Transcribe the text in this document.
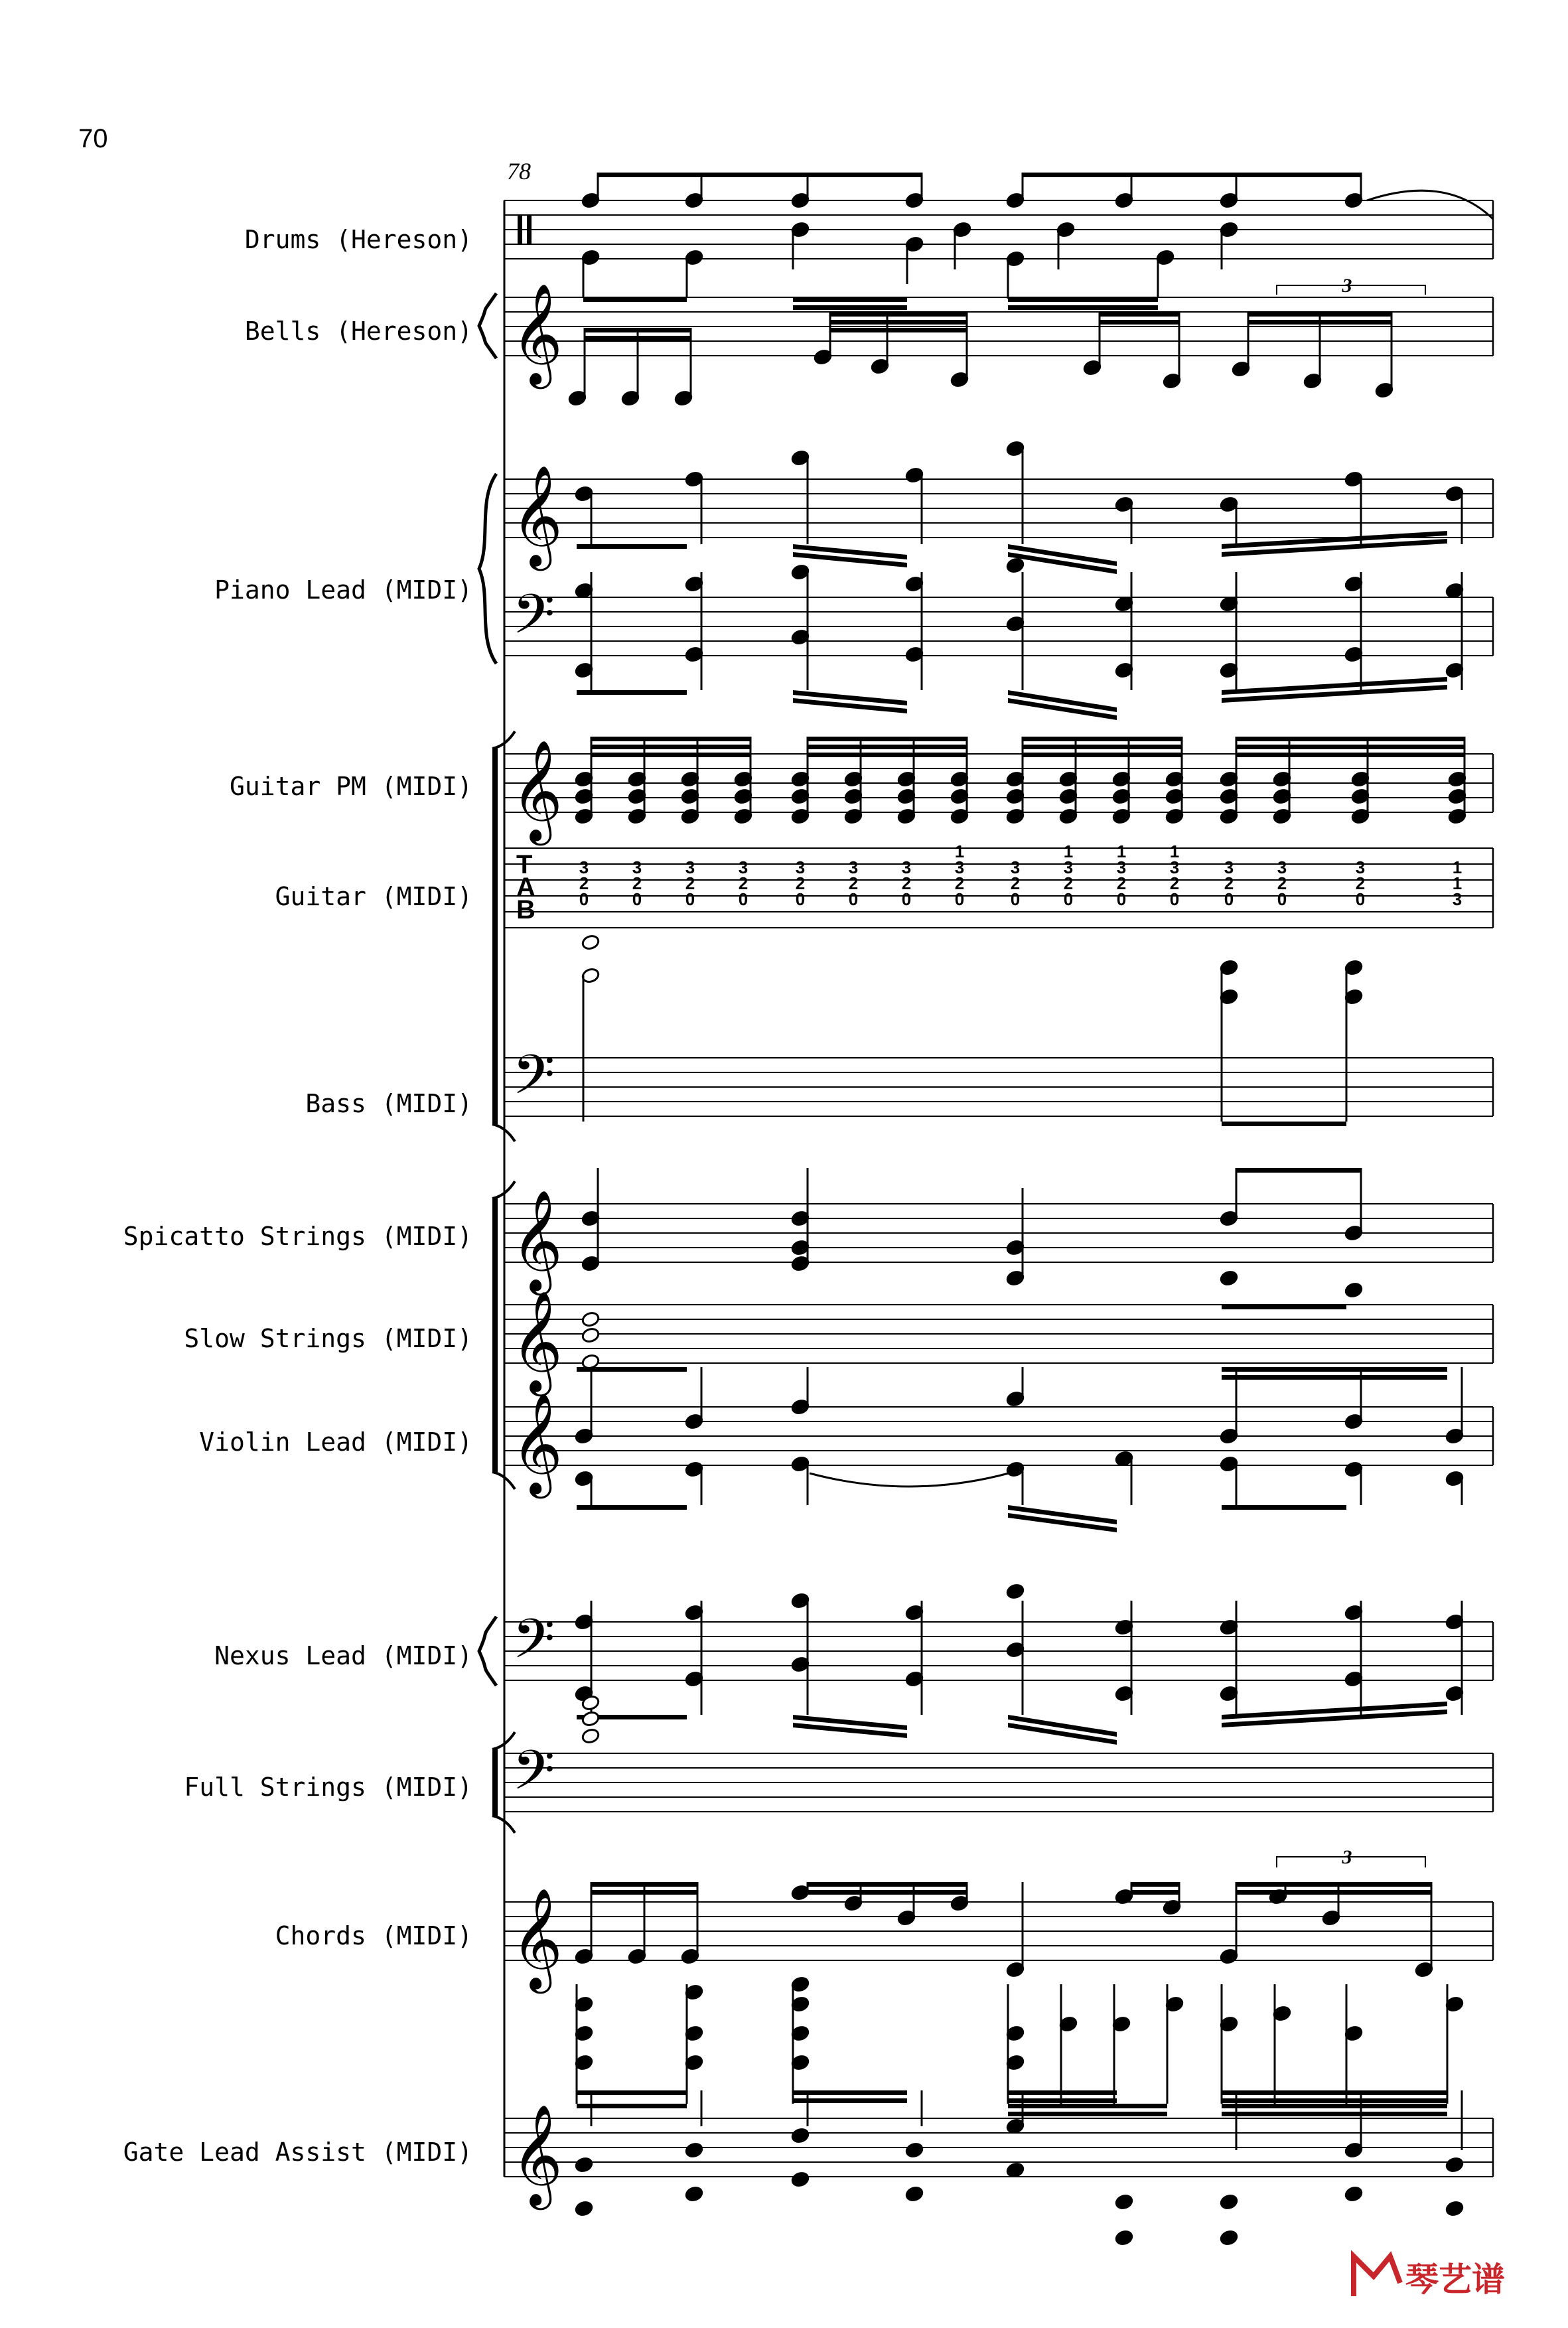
70
78
Drums (Hereson)
Bells (Hereson)
Piano Lead (MIDI)
Guitar PM (MIDI)
Guitar (MIDI)
Bass (MIDI)
Spicatto Strings (MIDI)
Slow Strings (MIDI)
Violin Lead (MIDI)
Nexus Lead (MIDI)
Full Strings (MIDI)
Chords (MIDI)
Gate Lead Assist (MIDI)
𝄞
𝄞
𝄢
𝄞
T
A
B
𝄢
𝄞
𝄞
𝄞
𝄢
𝄢
𝄞
𝄞
3
3
2
0
3
2
0
3
2
0
3
2
0
3
2
0
3
2
0
3
2
0
1
3
2
0
3
2
0
1
3
2
0
1
3
2
0
1
3
2
0
3
2
0
3
2
0
3
2
0
1
1
3
3
琴艺谱
